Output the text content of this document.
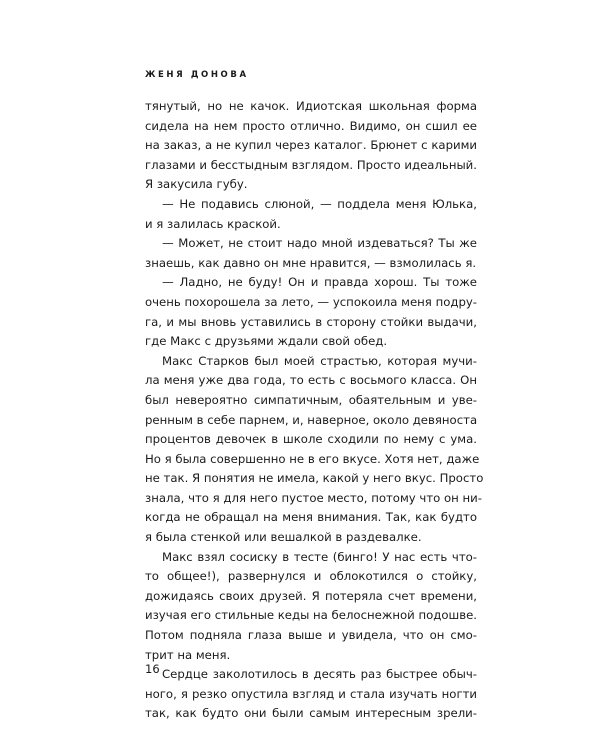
ЖЕНЯ ДОНОВА
тянутый, но не качок. Идиотская школьная форма
сидела на нем просто отлично. Видимо, он сшил ее
на заказ, а не купил через каталог. Брюнет с карими
глазами и бесстыдным взглядом. Просто идеальный.
Я закусила губу.
— Не подавись слюной, — поддела меня Юлька,
и я залилась краской.
— Может, не стоит надо мной издеваться? Ты же
знаешь, как давно он мне нравится, — взмолилась я.
— Ладно, не буду! Он и правда хорош. Ты тоже
очень похорошела за лето, — успокоила меня подру-
га, и мы вновь уставились в сторону стойки выдачи,
где Макс с друзьями ждали свой обед.
Макс Старков был моей страстью, которая мучи-
ла меня уже два года, то есть с восьмого класса. Он
был невероятно симпатичным, обаятельным и уве-
ренным в себе парнем, и, наверное, около девяноста
процентов девочек в школе сходили по нему с ума.
Но я была совершенно не в его вкусе. Хотя нет, даже
не так. Я понятия не имела, какой у него вкус. Просто
знала, что я для него пустое место, потому что он ни-
когда не обращал на меня внимания. Так, как будто
я была стенкой или вешалкой в раздевалке.
Макс взял сосиску в тесте (бинго! У нас есть что-
то общее!), развернулся и облокотился о стойку,
дожидаясь своих друзей. Я потеряла счет времени,
изучая его стильные кеды на белоснежной подошве.
Потом подняла глаза выше и увидела, что он смо-
трит на меня.
Сердце заколотилось в десять раз быстрее обыч-
ного, я резко опустила взгляд и стала изучать ногти
так, как будто они были самым интересным зрели-
16
